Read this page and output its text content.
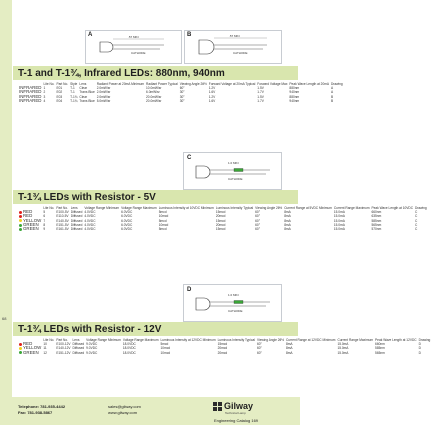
68
A	.57 MIN
CATHODE
B	.57 MIN
CATHODE
T-1 and T-1¾, Infrared LEDs: 880nm, 940nm
	Lite No.	Part No.	Style	Lens	Radiant Power at 20mA Minimum	Radiant Power Typical	Viewing Angle 2θ½	Forward Voltage at 20mA Typical	Forward Voltage Max	Peak Wave Length at 20mA	Drawing
INFRARED	1	E01	T-1	Clear	2.0mW/sr	10.0mW/sr	60°	1.2V	1.5V	880nm	A
INFRARED	2	E02	T-1	Trans Blue	2.0mW/sr	6.0mW/sr	30°	1.6V	1.7V	940nm	A
INFRARED	3	E03	T-1¾	Clear	2.0mW/sr	20.0mW/sr	30°	1.2V	1.5V	880nm	B
INFRARED	4	E04	T-1¾	Trans Blue	5.0mW/sr	20.0mW/sr	30°	1.6V	1.7V	940nm	B
C
1.0 MIN
CATHODE
T-1¾ LEDs with Resistor - 5V
	Lite No.	Part No.	Lens	Voltage Range Minimum	Voltage Range Maximum	Luminous Intensity at 10VDC Minimum	Luminous Intensity Typical	Viewing Angle 2θ½	Current Range at 5VDC Minimum	Current Range Maximum	Peak Wave Length at 10VDC	Drawing
RED	5	E100-5V	Diffused	4.0VDC	6.0VDC	5mcd	15mcd	60°	8mA	15.0mA	660nm	C
RED	6	E110-5V	Diffused	4.0VDC	6.0VDC	10mcd	20mcd	60°	8mA	15.0mA	635nm	C
YELLOW	7	E140-5V	Diffused	4.0VDC	6.0VDC	5mcd	15mcd	60°	8mA	15.0mA	585nm	C
GREEN	8	E151-5V	Diffused	4.0VDC	6.0VDC	10mcd	20mcd	60°	8mA	15.0mA	565nm	C
GREEN	9	E161-5V	Diffused	4.0VDC	6.0VDC	5mcd	15mcd	60°	8mA	15.0mA	570nm	C
D
1.0 MIN
CATHODE
T-1¾ LEDs with Resistor - 12V
	Lite No.	Part No.	Lens	Voltage Range Minimum	Voltage Range Maximum	Luminous Intensity at 12VDC Minimum	Luminous Intensity Typical	Viewing Angle 2θ½	Current Range at 12VDC Minimum	Current Range Maximum	Peak Wave Length at 12VDC	Drawing
RED	10	E100-12V	Diffused	9.0VDC	18.0VDC	5mcd	15mcd	60°	8mA	15.0mA	660nm	D
YELLOW	11	E140-12V	Diffused	9.0VDC	18.0VDC	10mcd	20mcd	60°	8mA	15.0mA	585nm	D
GREEN	12	E151-12V	Diffused	9.0VDC	18.0VDC	10mcd	20mcd	60°	8mA	15.0mA	565nm	D
Telephone: 781-935-4442
Fax: 781-938-5867
sales@gilway.com
www.gilway.com
Gilway
Technical Lamp
Engineering Catalog 169
